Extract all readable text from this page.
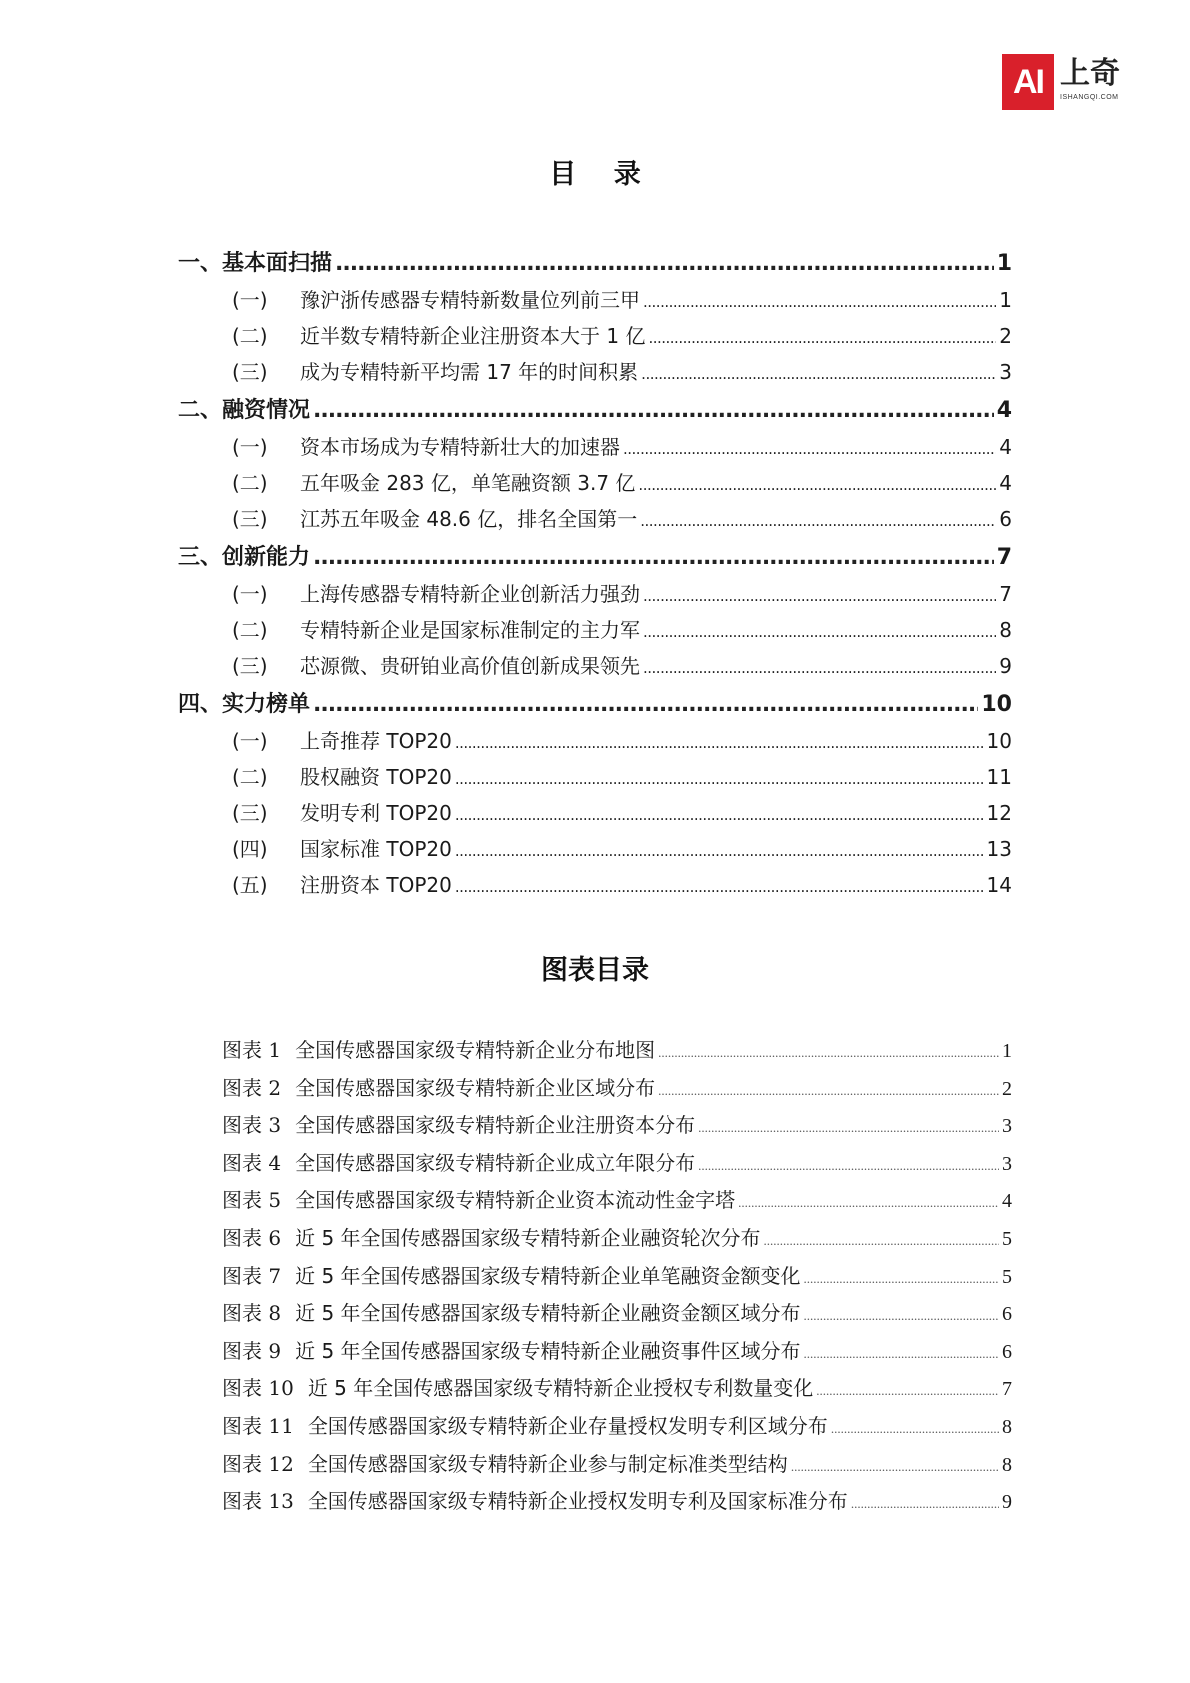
AI 上奇
ISHANGQI.COM
目 录
一、基本面扫描 .....	1
(一) 豫沪浙传感器专精特新数量位列前三甲 .....	1
(二) 近半数专精特新企业注册资本大于 1 亿 .....	2
(三) 成为专精特新平均需 17 年的时间积累 .....	3
二、融资情况 .....	4
(一) 资本市场成为专精特新壮大的加速器 .....	4
(二) 五年吸金 283 亿，单笔融资额 3.7 亿 .....	4
(三) 江苏五年吸金 48.6 亿，排名全国第一 .....	6
三、创新能力 .....	7
(一) 上海传感器专精特新企业创新活力强劲 .....	7
(二) 专精特新企业是国家标准制定的主力军 .....	8
(三) 芯源微、贵研铂业高价值创新成果领先 .....	9
四、实力榜单 .....	10
(一) 上奇推荐 TOP20 .....	10
(二) 股权融资 TOP20 .....	11
(三) 发明专利 TOP20 .....	12
(四) 国家标准 TOP20 .....	13
(五) 注册资本 TOP20 .....	14
图表目录
图表 1 全国传感器国家级专精特新企业分布地图 .....	1
图表 2 全国传感器国家级专精特新企业区域分布 .....	2
图表 3 全国传感器国家级专精特新企业注册资本分布 .....	3
图表 4 全国传感器国家级专精特新企业成立年限分布 .....	3
图表 5 全国传感器国家级专精特新企业资本流动性金字塔 .....	4
图表 6 近 5 年全国传感器国家级专精特新企业融资轮次分布 .....	5
图表 7 近 5 年全国传感器国家级专精特新企业单笔融资金额变化 .....	5
图表 8 近 5 年全国传感器国家级专精特新企业融资金额区域分布 .....	6
图表 9 近 5 年全国传感器国家级专精特新企业融资事件区域分布 .....	6
图表 10 近 5 年全国传感器国家级专精特新企业授权专利数量变化 .....	7
图表 11 全国传感器国家级专精特新企业存量授权发明专利区域分布 .....	8
图表 12 全国传感器国家级专精特新企业参与制定标准类型结构 .....	8
图表 13 全国传感器国家级专精特新企业授权发明专利及国家标准分布 .....	9
